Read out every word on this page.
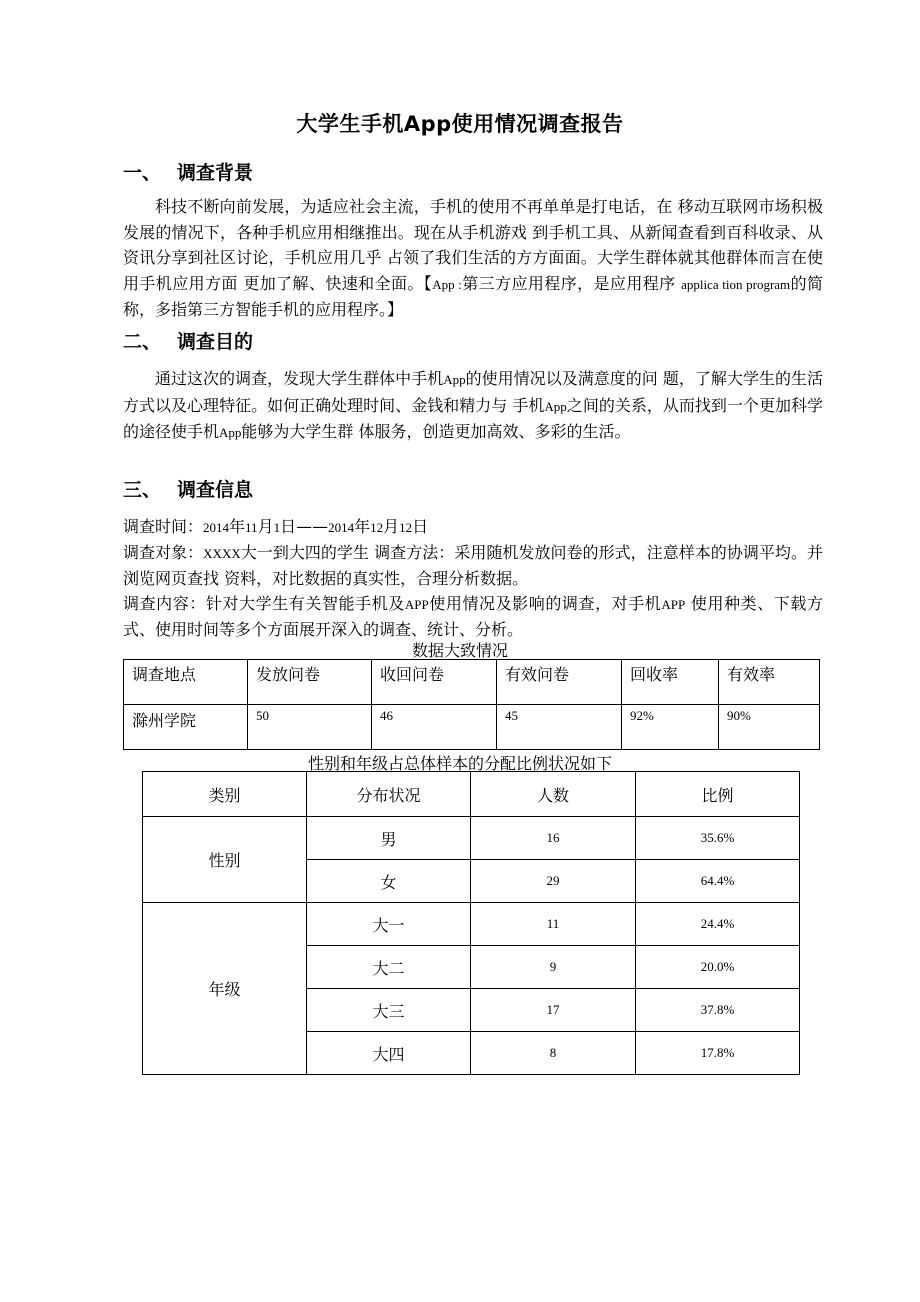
大学生手机App使用情况调查报告
一、 调查背景
科技不断向前发展，为适应社会主流，手机的使用不再单单是打电话，在 移动互联网市场积极发展的情况下，各种手机应用相继推出。现在从手机游戏 到手机工具、从新闻查看到百科收录、从资讯分享到社区讨论，手机应用几乎 占领了我们生活的方方面面。大学生群体就其他群体而言在使用手机应用方面 更加了解、快速和全面。【App :第三方应用程序，是应用程序 applica tion program的简称，多指第三方智能手机的应用程序。】
二、 调查目的
通过这次的调查，发现大学生群体中手机App的使用情况以及满意度的问 题，了解大学生的生活方式以及心理特征。如何正确处理时间、金钱和精力与 手机App之间的关系，从而找到一个更加科学的途径使手机App能够为大学生群 体服务，创造更加高效、多彩的生活。
三、 调查信息

调查时间：2014年11月1日——2014年12月12日

调查对象：XXXX大一到大四的学生 调查方法：采用随机发放问卷的形式，注意样本的协调平均。并浏览网页查找 资料，对比数据的真实性，合理分析数据。

调查内容：针对大学生有关智能手机及APP使用情况及影响的调查，对手机APP 使用种类、下载方式、使用时间等多个方面展开深入的调查、统计、分析。

数据大致情况
调查地点	发放问卷	收回问卷	有效问卷	回收率	有效率
滁州学院	50	46	45	92%	90%
性别和年级占总体样本的分配比例状况如下
类别	分布状况	人数	比例
性别	男	16	35.6%
	女	29	64.4%
年级	大一	11	24.4%
	大二	9	20.0%
	大三	17	37.8%
	大四	8	17.8%
